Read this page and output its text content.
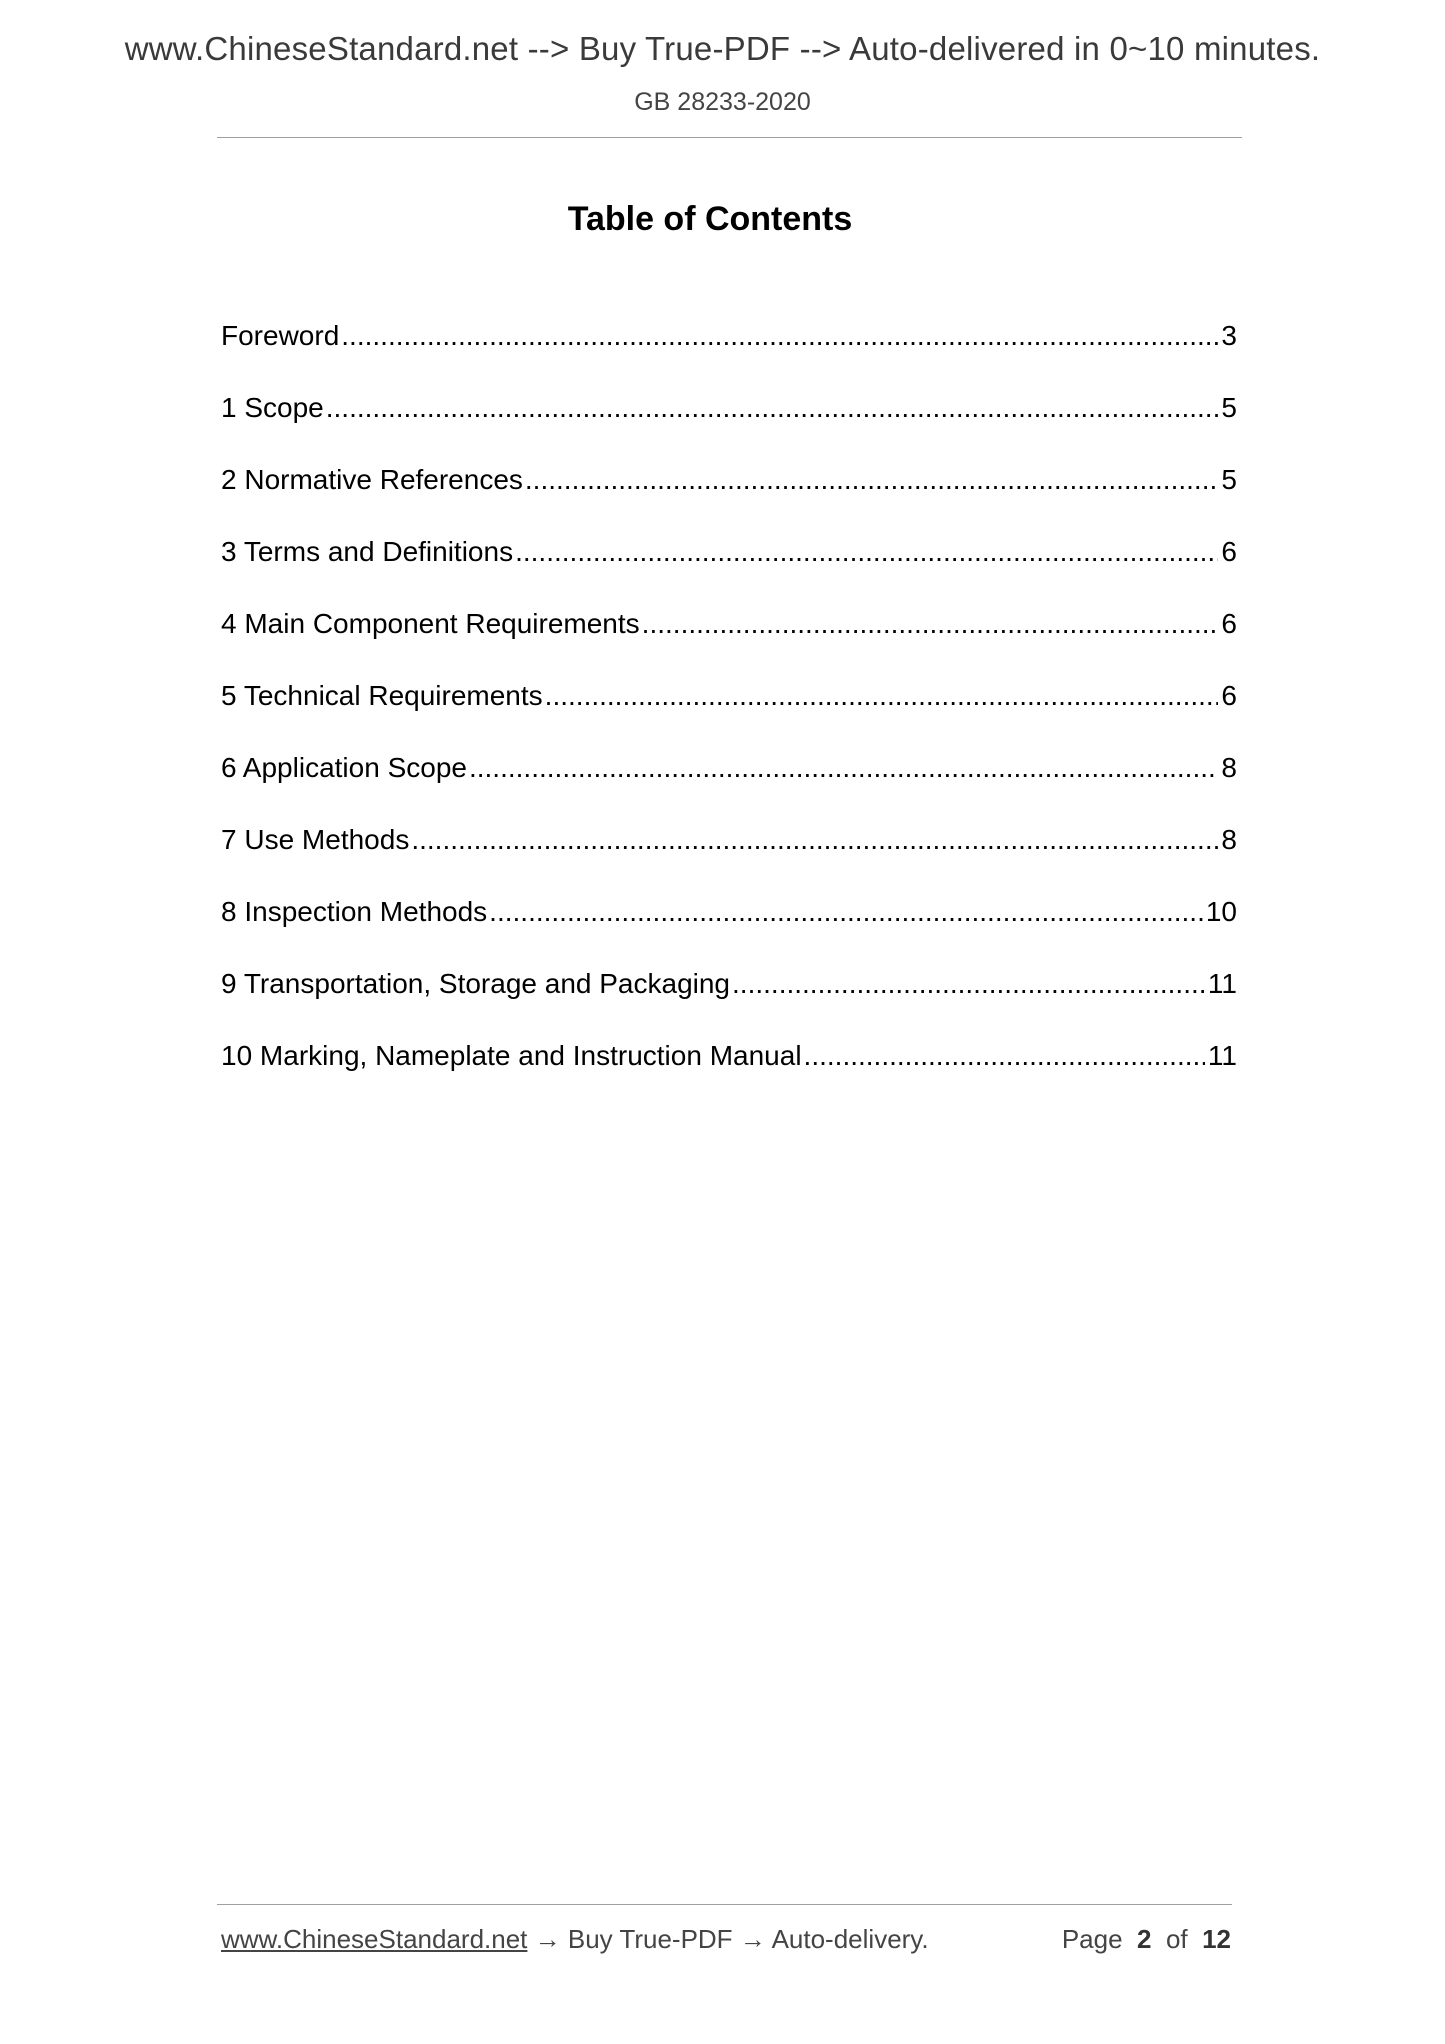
www.ChineseStandard.net --> Buy True-PDF --> Auto-delivered in 0~10 minutes.
GB 28233-2020
Table of Contents
Foreword .....	3
1 Scope .....	5
2 Normative References .....	5
3 Terms and Definitions .....	6
4 Main Component Requirements .....	6
5 Technical Requirements .....	6
6 Application Scope .....	8
7 Use Methods .....	8
8 Inspection Methods .....	10
9 Transportation, Storage and Packaging .....	11
10 Marking, Nameplate and Instruction Manual .....	11
www.ChineseStandard.net → Buy True-PDF → Auto-delivery.	Page 2 of 12
